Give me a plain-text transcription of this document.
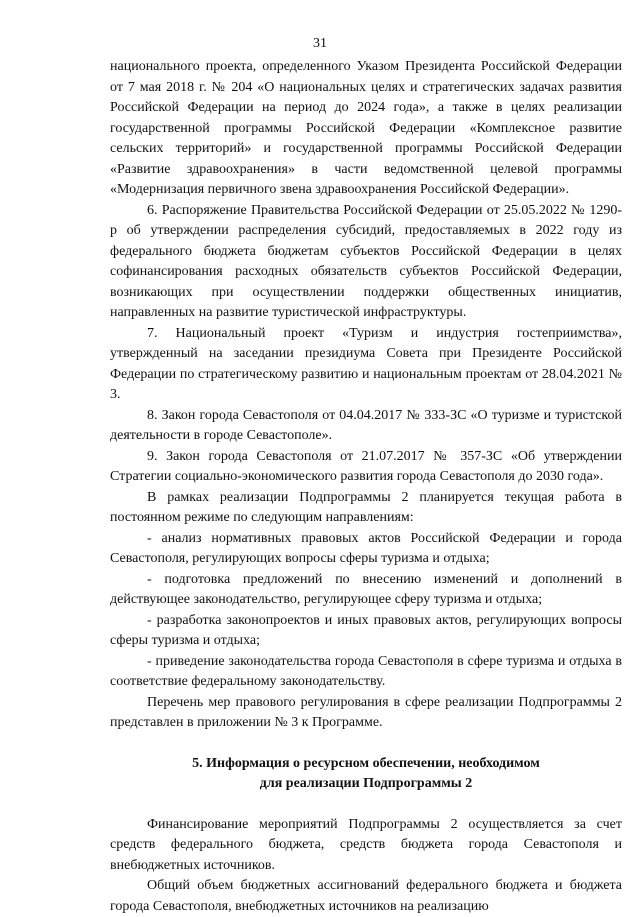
31

национального проекта, определенного Указом Президента Российской Федерации от 7 мая 2018 г. № 204 «О национальных целях и стратегических задачах развития Российской Федерации на период до 2024 года», а также в целях реализации государственной программы Российской Федерации «Комплексное развитие сельских территорий» и государственной программы Российской Федерации «Развитие здравоохранения» в части ведомственной целевой программы «Модернизация первичного звена здравоохранения Российской Федерации».

6. Распоряжение Правительства Российской Федерации от 25.05.2022 № 1290-р об утверждении распределения субсидий, предоставляемых в 2022 году из федерального бюджета бюджетам субъектов Российской Федерации в целях софинансирования расходных обязательств субъектов Российской Федерации, возникающих при осуществлении поддержки общественных инициатив, направленных на развитие туристической инфраструктуры.

7. Национальный проект «Туризм и индустрия гостеприимства», утвержденный на заседании президиума Совета при Президенте Российской Федерации по стратегическому развитию и национальным проектам от 28.04.2021 № 3.

8. Закон города Севастополя от 04.04.2017 № 333-ЗС «О туризме и туристской деятельности в городе Севастополе».

9. Закон города Севастополя от 21.07.2017 № 357-ЗС «Об утверждении Стратегии социально-экономического развития города Севастополя до 2030 года».

В рамках реализации Подпрограммы 2 планируется текущая работа в постоянном режиме по следующим направлениям:

- анализ нормативных правовых актов Российской Федерации и города Севастополя, регулирующих вопросы сферы туризма и отдыха;

- подготовка предложений по внесению изменений и дополнений в действующее законодательство, регулирующее сферу туризма и отдыха;

- разработка законопроектов и иных правовых актов, регулирующих вопросы сферы туризма и отдыха;

- приведение законодательства города Севастополя в сфере туризма и отдыха в соответствие федеральному законодательству.

Перечень мер правового регулирования в сфере реализации Подпрограммы 2 представлен в приложении № 3 к Программе.

5. Информация о ресурсном обеспечении, необходимом
для реализации Подпрограммы 2

Финансирование мероприятий Подпрограммы 2 осуществляется за счет средств федерального бюджета, средств бюджета города Севастополя и внебюджетных источников.

Общий объем бюджетных ассигнований федерального бюджета и бюджета города Севастополя, внебюджетных источников на реализацию
